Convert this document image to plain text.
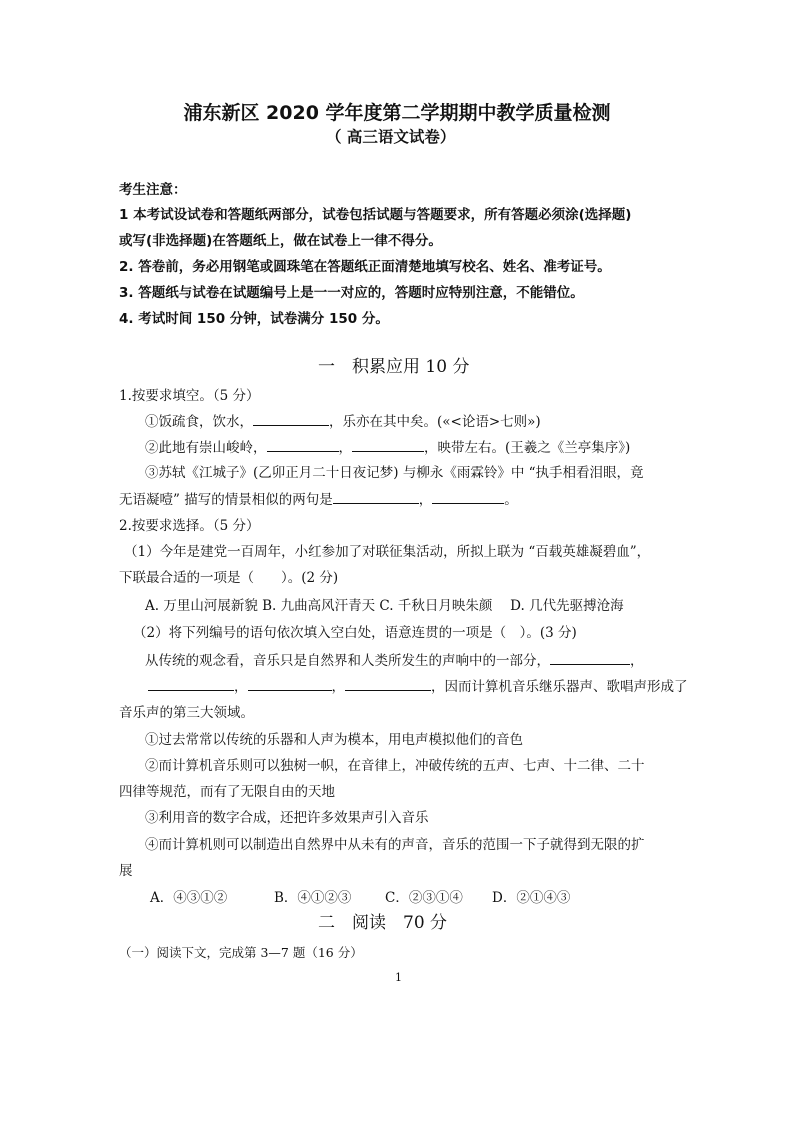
浦东新区 2020 学年度第二学期期中教学质量检测
（ 高三语文试卷）
考生注意：
1 本考试设试卷和答题纸两部分，试卷包括试题与答题要求，所有答题必须涂(选择题)
或写(非选择题)在答题纸上，做在试卷上一律不得分。
2. 答卷前，务必用钢笔或圆珠笔在答题纸正面清楚地填写校名、姓名、准考证号。
3. 答题纸与试卷在试题编号上是一一对应的，答题时应特别注意，不能错位。
4. 考试时间 150 分钟，试卷满分 150 分。
一　积累应用 10 分
1.按要求填空。（5 分）
①饭疏食，饮水，	，乐亦在其中矣。(«<论语>七则»)
②此地有崇山峻岭，	，	，映带左右。(王羲之《兰亭集序》)
③苏轼《江城子》(乙卯正月二十日夜记梦) 与柳永《雨霖铃》中 “执手相看泪眼，竟
无语凝噎” 描写的情景相似的两句是	，	。
2.按要求选择。（5 分）
（1）今年是建党一百周年，小红参加了对联征集活动，所拟上联为 “百载英雄凝碧血”，
下联最合适的一项是（　　）。(2 分)
A. 万里山河展新貌 B. 九曲高风汗青天 C. 千秋日月映朱颜　 D. 几代先驱搏沧海
（2）将下列编号的语句依次填入空白处，语意连贯的一项是（　）。(3 分)
从传统的观念看，音乐只是自然界和人类所发生的声响中的一部分，	，
，	，	，因而计算机音乐继乐器声、歌唱声形成了
音乐声的第三大领域。
①过去常常以传统的乐器和人声为模本，用电声模拟他们的音色
②而计算机音乐则可以独树一帜，在音律上，冲破传统的五声、七声、十二律、二十
四律等规范，而有了无限自由的天地
③利用音的数字合成，还把许多效果声引入音乐
④而计算机则可以制造出自然界中从未有的声音，音乐的范围一下子就得到无限的扩
展
A．④③①②	B．④①②③ C．②③①④ D．②①④③
二　阅读　70 分
（一）阅读下文，完成第 3—7 题（16 分）
1
